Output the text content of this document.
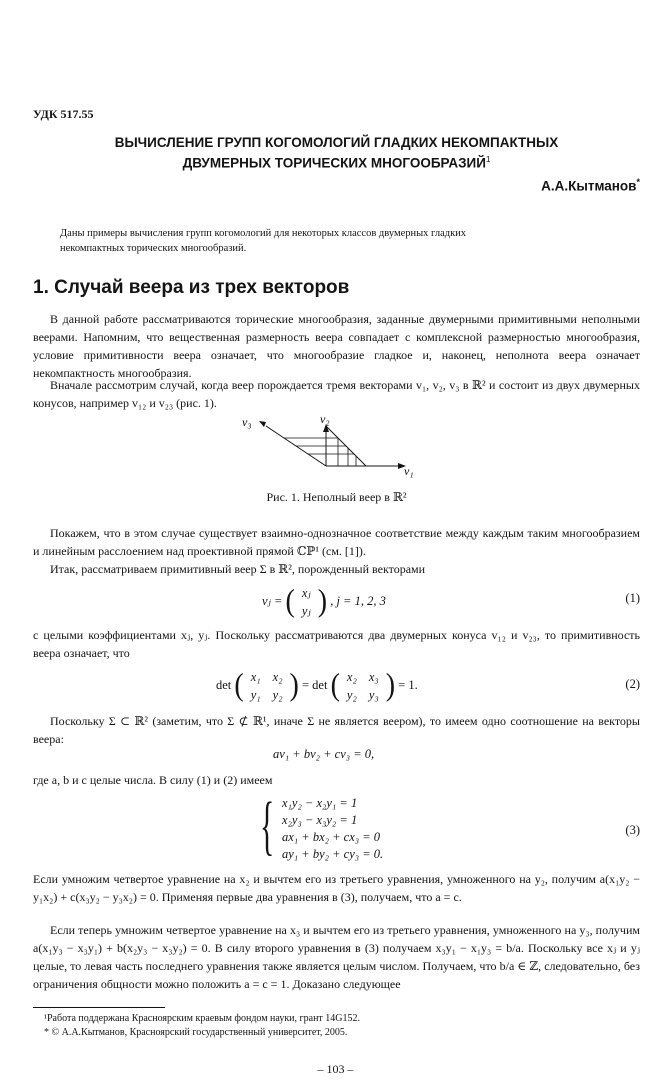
УДК 517.55
ВЫЧИСЛЕНИЕ ГРУПП КОГОМОЛОГИЙ ГЛАДКИХ НЕКОМПАКТНЫХ
ДВУМЕРНЫХ ТОРИЧЕСКИХ МНОГООБРАЗИЙ$^1$
А.А.Кытманов*
Даны примеры вычисления групп когомологий для некоторых классов двумерных гладких
некомпактных торических многообразий.
1. Случай веера из трех векторов
В данной работе рассматриваются торические многообразия, заданные двумерными примитивными неполными веерами. Напомним, что вещественная размерность веера совпадает с комплексной размерностью многообразия, условие примитивности веера означает, что многообразие гладкое и, наконец, неполнота веера означает некомпактность многообразия.
Вначале рассмотрим случай, когда веер порождается тремя векторами v₁, v₂, v₃ в ℝ² и состоит из двух двумерных конусов, например v₁₂ и v₂₃ (рис. 1).
v₃	v₂
v₁
Рис. 1. Неполный веер в ℝ²
Покажем, что в этом случае существует взаимно-однозначное соответствие между каждым таким многообразием и линейным расслоением над проективной прямой ℂℙ¹ (см. [1]).
Итак, рассматриваем примитивный веер Σ в ℝ², порожденный векторами
vⱼ = ( xⱼ
yⱼ ) , j = 1, 2, 3	(1)
с целыми коэффициентами xⱼ, yⱼ. Поскольку рассматриваются два двумерных конуса v₁₂ и v₂₃, то примитивность веера означает, что
det ( x₁	x₂
y₁	y₂ ) = det ( x₂	x₃
y₂	y₃ ) = 1.	(2)
Поскольку Σ ⊂ ℝ² (заметим, что Σ ⊄ ℝ¹, иначе Σ не является веером), то имеем одно соотношение на векторы веера:
av₁ + bv₂ + cv₃ = 0,
где a, b и c целые числа. В силу (1) и (2) имеем
{ x₁y₂ − x₂y₁ = 1
x₂y₃ − x₃y₂ = 1
ax₁ + bx₂ + cx₃ = 0
ay₁ + by₂ + cy₃ = 0.
(3)
Если умножим четвертое уравнение на x₂ и вычтем его из третьего уравнения, умноженного на y₂, получим a(x₁y₂ − y₁x₂) + c(x₃y₂ − y₃x₂) = 0. Применяя первые два уравнения в (3), получаем, что a = c.
Если теперь умножим четвертое уравнение на x₃ и вычтем его из третьего уравнения, умноженного на y₃, получим a(x₁y₃ − x₃y₁) + b(x₂y₃ − x₃y₂) = 0. В силу второго уравнения в (3) получаем x₃y₁ − x₁y₃ = b/a. Поскольку все xⱼ и yⱼ целые, то левая часть последнего уравнения также является целым числом. Получаем, что b/a ∈ ℤ, следовательно, без ограничения общности можно положить a = c = 1. Доказано следующее
¹Работа поддержана Красноярским краевым фондом науки, грант 14G152.
* © А.А.Кытманов, Красноярский государственный университет, 2005.
– 103 –
